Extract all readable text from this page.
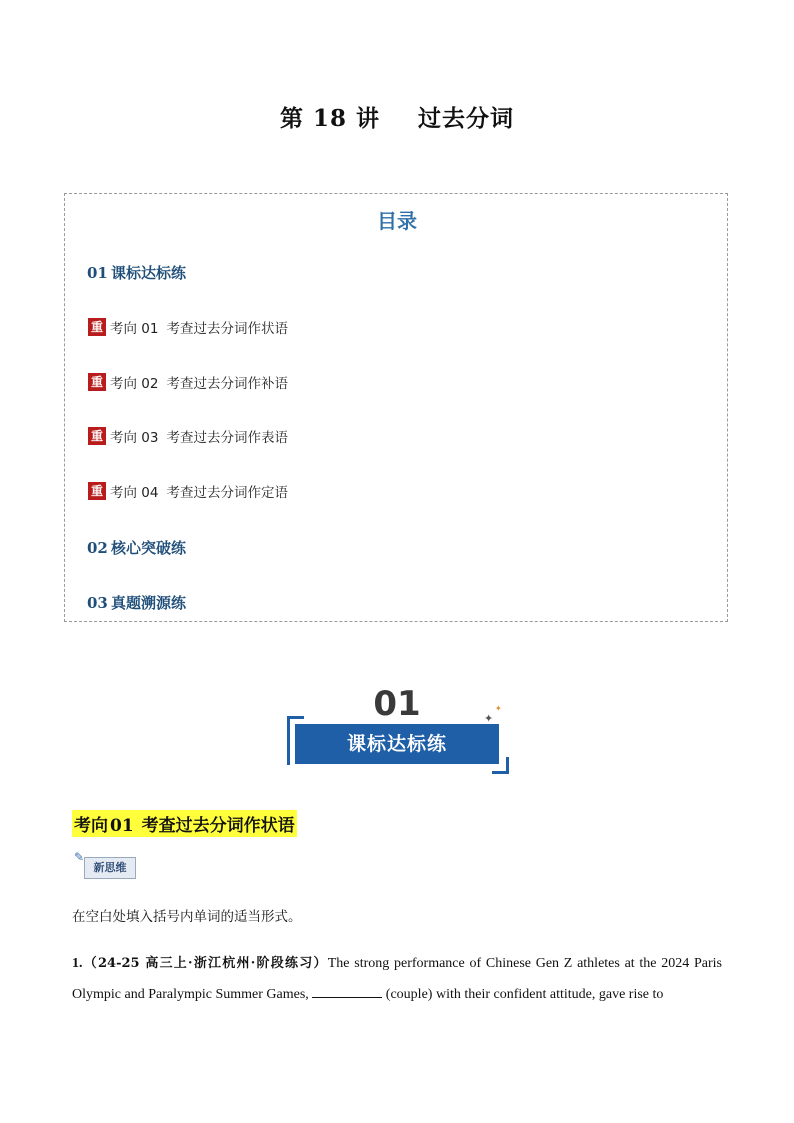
第 18 讲 过去分词
目录
01 课标达标练
重 考向 01 考查过去分词作状语
重 考向 02 考查过去分词作补语
重 考向 03 考查过去分词作表语
重 考向 04 考查过去分词作定语
02 核心突破练
03 真题溯源练
01
课标达标练
✦
✦
考向 01 考查过去分词作状语
✎
新思维
在空白处填入括号内单词的适当形式。
1.（24-25 高三上·浙江杭州·阶段练习）The strong performance of Chinese Gen Z athletes at the 2024 Paris Olympic and Paralympic Summer Games,	(couple) with their confident attitude, gave rise to
